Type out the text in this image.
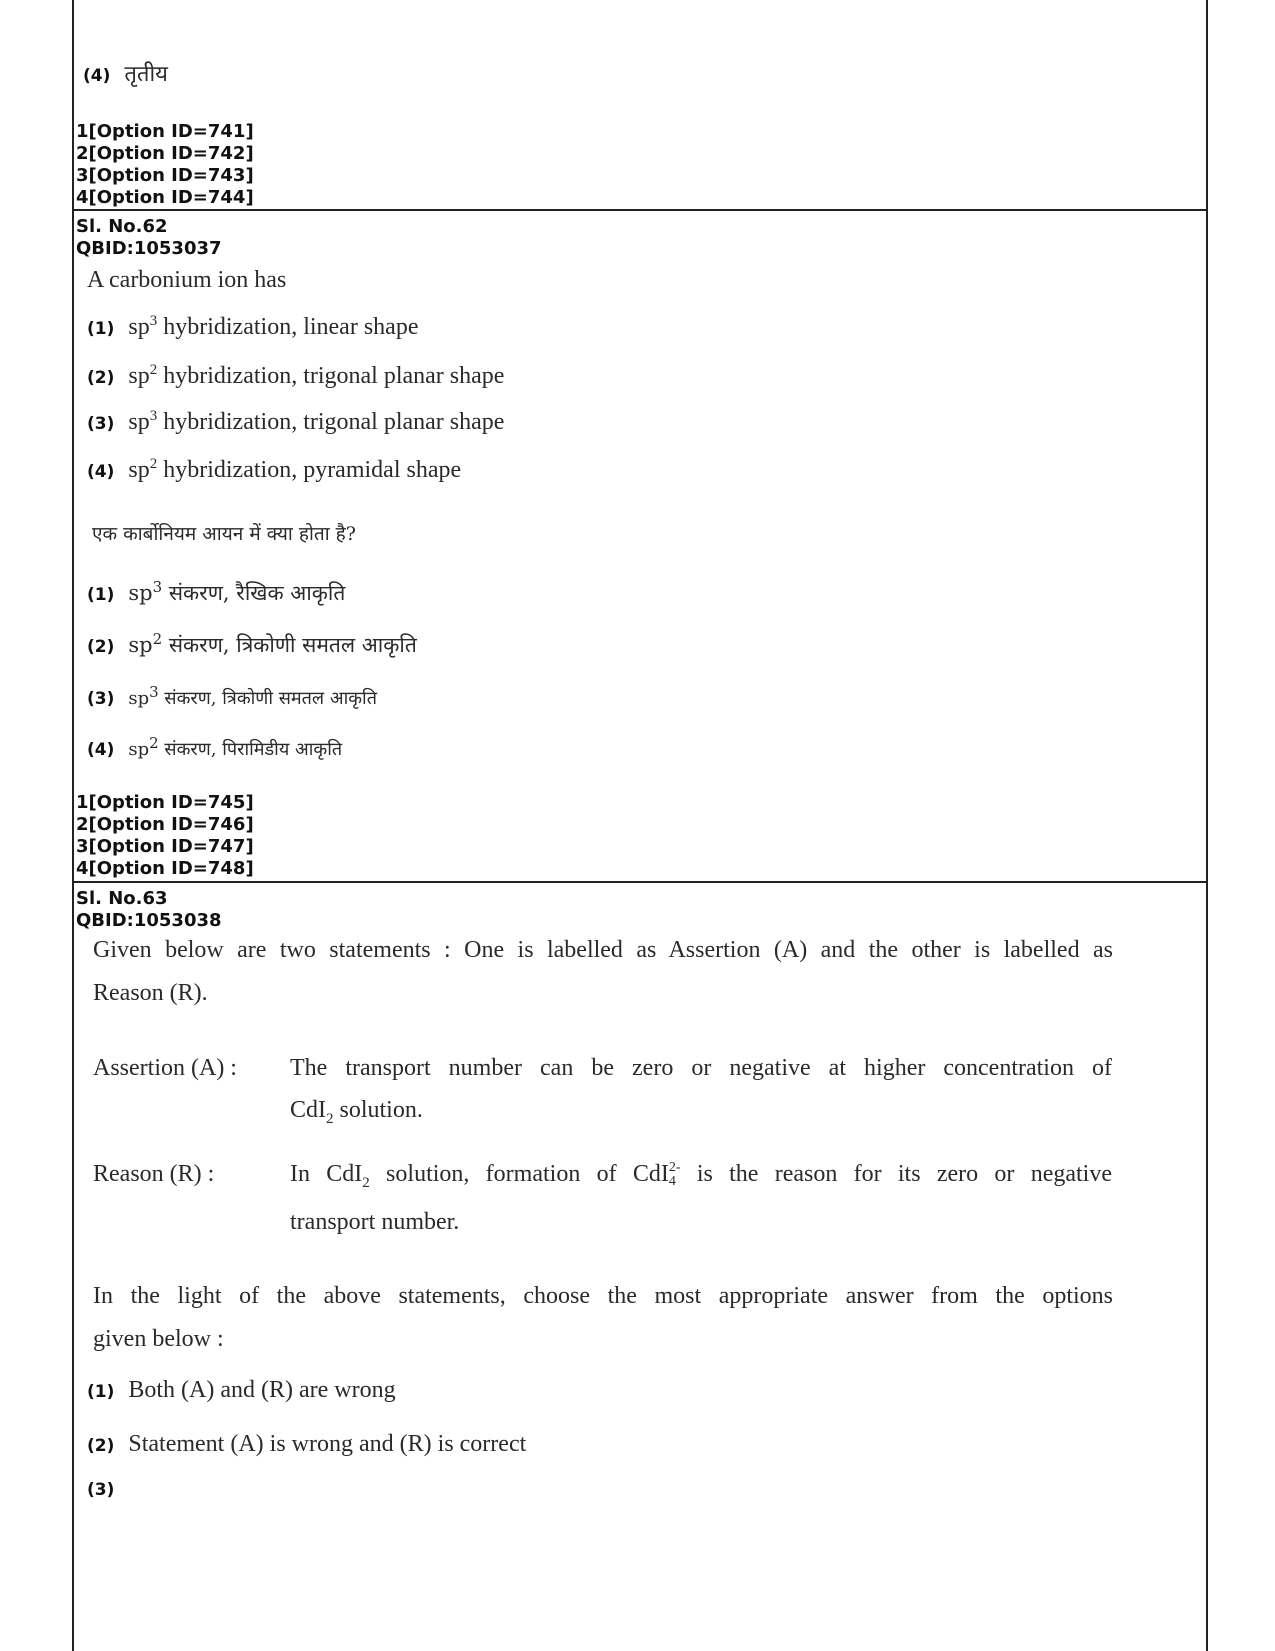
(4) तृतीय
1[Option ID=741]
2[Option ID=742]
3[Option ID=743]
4[Option ID=744]
Sl. No.62
QBID:1053037
A carbonium ion has
(1) $sp^3$ hybridization, linear shape
(2) $sp^2$ hybridization, trigonal planar shape
(3) $sp^3$ hybridization, trigonal planar shape
(4) $sp^2$ hybridization, pyramidal shape
एक कार्बोनियम आयन में क्या होता है?
(1) $sp^3$ संकरण, रैखिक आकृति
(2) $sp^2$ संकरण, त्रिकोणी समतल आकृति
(3) $sp^3$ संकरण, त्रिकोणी समतल आकृति
(4) $sp^2$ संकरण, पिरामिडीय आकृति
1[Option ID=745]
2[Option ID=746]
3[Option ID=747]
4[Option ID=748]
Sl. No.63
QBID:1053038
Given below are two statements : One is labelled as Assertion (A) and the other is labelled as
Reason (R).
Assertion (A) : The transport number can be zero or negative at higher concentration of
CdI$_2$ solution.
Reason (R) :	In CdI$_2$ solution, formation of CdI 2-
4 is the reason for its zero or negative
transport number.
In the light of the above statements, choose the most appropriate answer from the options
given below :
(1) Both (A) and (R) are wrong
(2) Statement (A) is wrong and (R) is correct
(3)
